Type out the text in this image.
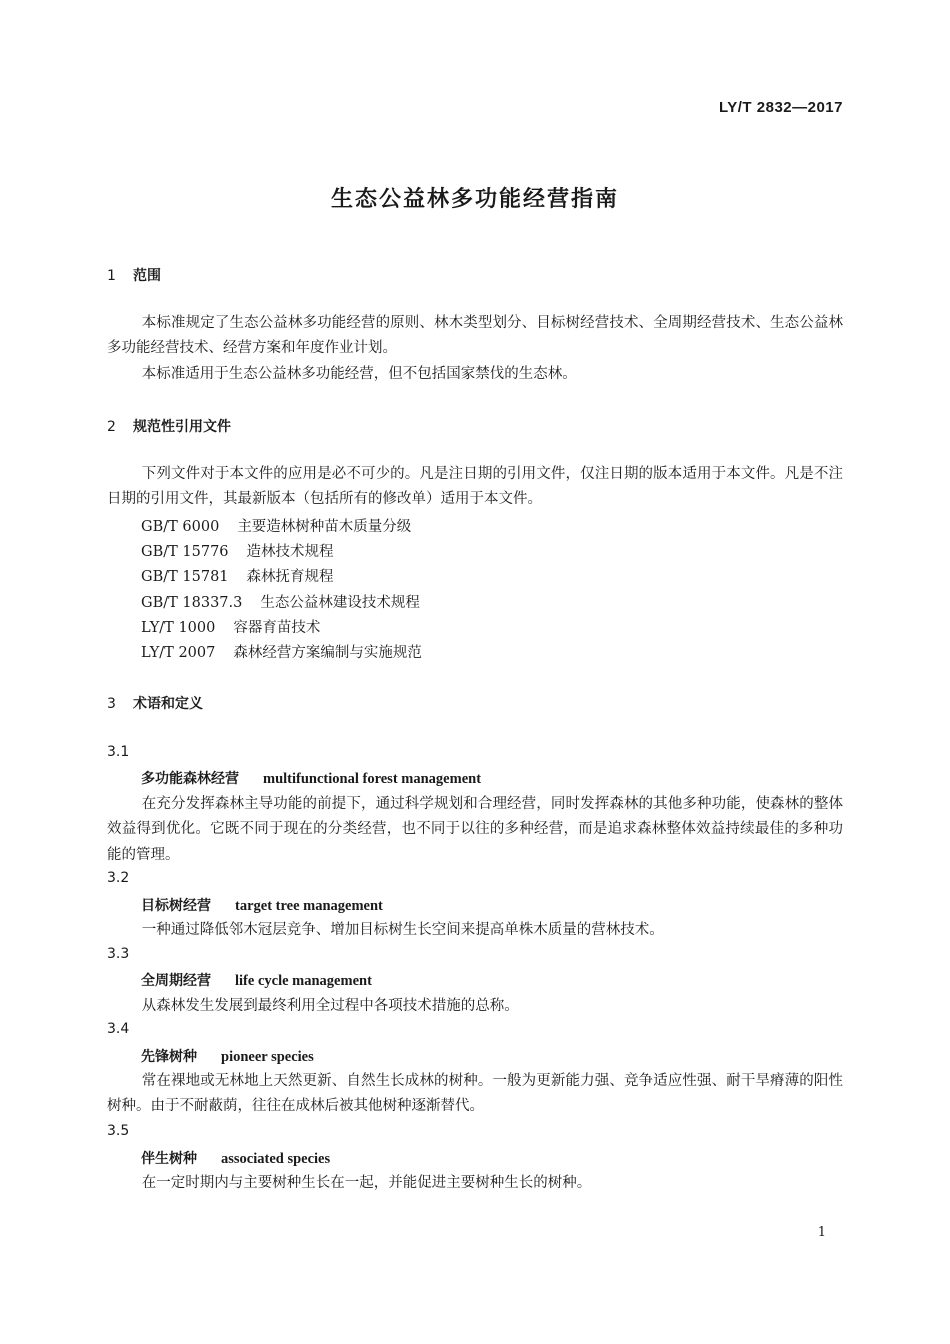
LY/T 2832—2017
生态公益林多功能经营指南
1 范围
本标准规定了生态公益林多功能经营的原则、林木类型划分、目标树经营技术、全周期经营技术、生态公益林多功能经营技术、经营方案和年度作业计划。
本标准适用于生态公益林多功能经营，但不包括国家禁伐的生态林。
2 规范性引用文件
下列文件对于本文件的应用是必不可少的。凡是注日期的引用文件，仅注日期的版本适用于本文件。凡是不注日期的引用文件，其最新版本（包括所有的修改单）适用于本文件。
GB/T 6000 主要造林树种苗木质量分级
GB/T 15776 造林技术规程
GB/T 15781 森林抚育规程
GB/T 18337.3 生态公益林建设技术规程
LY/T 1000 容器育苗技术
LY/T 2007 森林经营方案编制与实施规范
3 术语和定义
3.1
多功能森林经营 multifunctional forest management
在充分发挥森林主导功能的前提下，通过科学规划和合理经营，同时发挥森林的其他多种功能，使森林的整体效益得到优化。它既不同于现在的分类经营，也不同于以往的多种经营，而是追求森林整体效益持续最佳的多种功能的管理。
3.2
目标树经营 target tree management
一种通过降低邻木冠层竞争、增加目标树生长空间来提高单株木质量的营林技术。
3.3
全周期经营 life cycle management
从森林发生发展到最终利用全过程中各项技术措施的总称。
3.4
先锋树种 pioneer species
常在裸地或无林地上天然更新、自然生长成林的树种。一般为更新能力强、竞争适应性强、耐干旱瘠薄的阳性树种。由于不耐蔽荫，往往在成林后被其他树种逐渐替代。
3.5
伴生树种 associated species
在一定时期内与主要树种生长在一起，并能促进主要树种生长的树种。
1
